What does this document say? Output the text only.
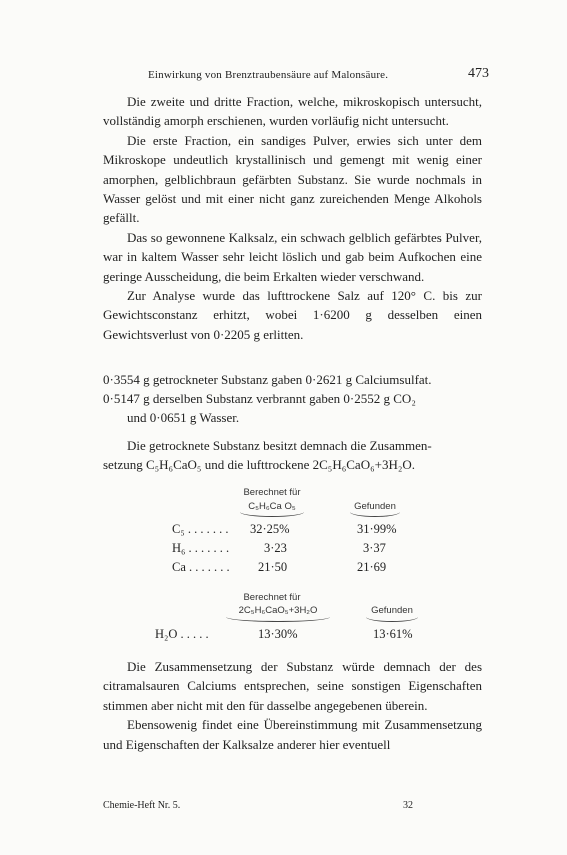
Einwirkung von Brenztraubensäure auf Malonsäure.	473

Die zweite und dritte Fraction, welche, mikroskopisch untersucht, vollständig amorph erschienen, wurden vorläufig nicht untersucht.

Die erste Fraction, ein sandiges Pulver, erwies sich unter dem Mikroskope undeutlich krystallinisch und gemengt mit wenig einer amorphen, gelblichbraun gefärbten Substanz. Sie wurde nochmals in Wasser gelöst und mit einer nicht ganz zureichenden Menge Alkohols gefällt.

Das so gewonnene Kalksalz, ein schwach gelblich gefärbtes Pulver, war in kaltem Wasser sehr leicht löslich und gab beim Aufkochen eine geringe Ausscheidung, die beim Erkalten wieder verschwand.

Zur Analyse wurde das lufttrockene Salz auf 120° C. bis zur Gewichtsconstanz erhitzt, wobei 1·6200 g desselben einen Gewichtsverlust von 0·2205 g erlitten.

0·3554 g getrockneter Substanz gaben 0·2621 g Calciumsulfat.
0·5147 g derselben Substanz verbrannt gaben 0·2552 g CO₂
und 0·0651 g Wasser.
Die getrocknete Substanz besitzt demnach die Zusammen-
setzung C₅H₆CaO₅ und die lufttrockene 2C₅H₆CaO₆+3H₂O.
Berechnet für
C₅H₆Ca O₅	Gefunden
C₅ . . . . . . . 32·25%	31·99%
H₆ . . . . . . .	3·23	3·37
Ca . . . . . . . 21·50	21·69
Berechnet für
2C₅H₆CaO₅+3H₂O	Gefunden
H₂O . . . . .	13·30%	13·61%

Die Zusammensetzung der Substanz würde demnach der des citramalsauren Calciums entsprechen, seine sonstigen Eigenschaften stimmen aber nicht mit den für dasselbe angegebenen überein.

Ebensowenig findet eine Übereinstimmung mit Zusammensetzung und Eigenschaften der Kalksalze anderer hier eventuell

Chemie-Heft Nr. 5.	32
